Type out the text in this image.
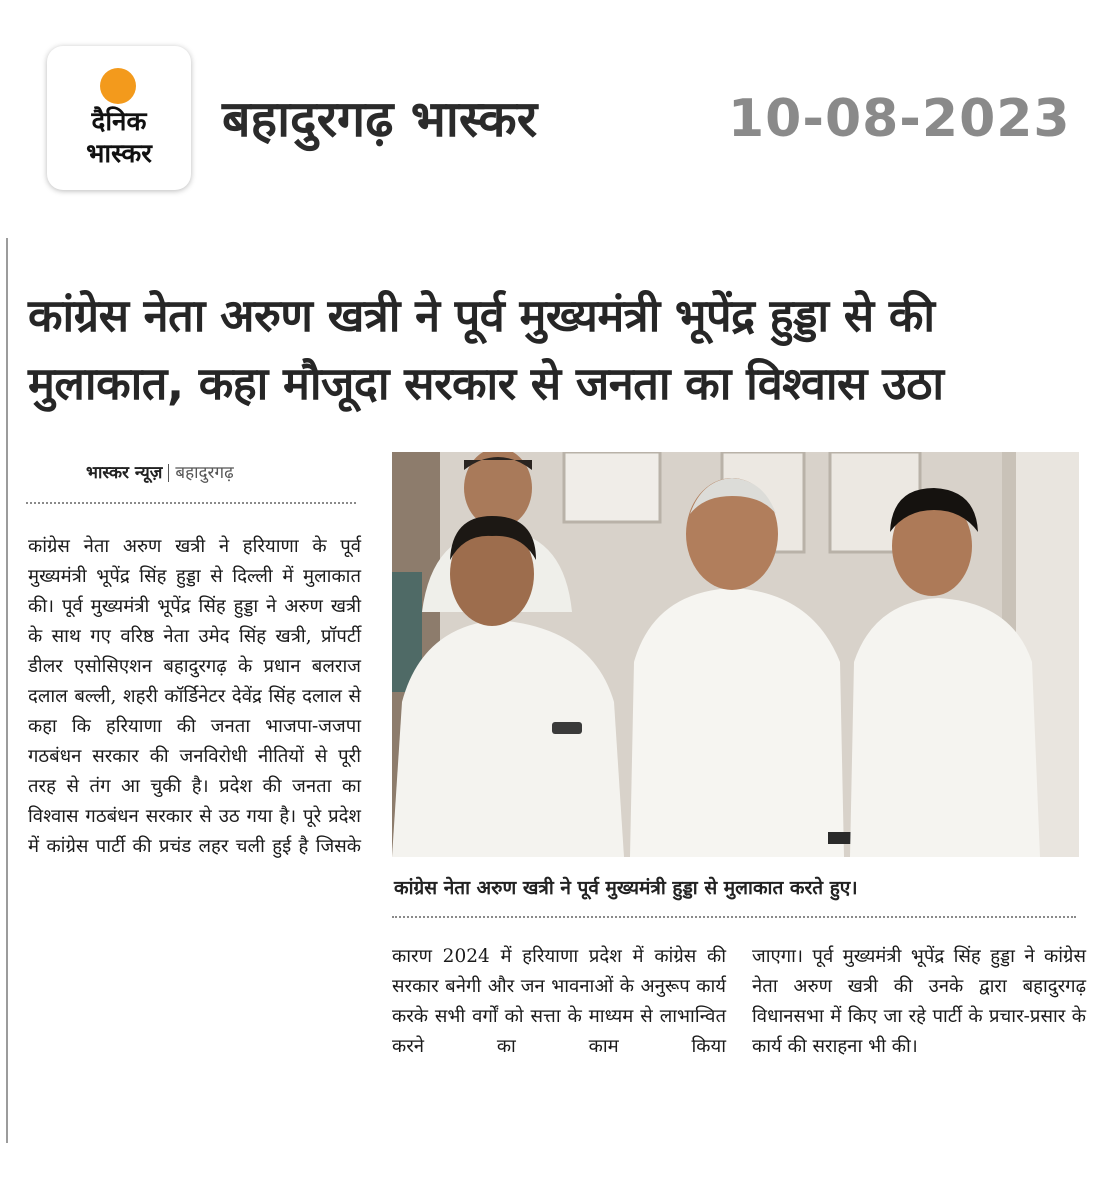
दैनिक
भास्कर
बहादुरगढ़ भास्कर	10-08-2023
कांग्रेस नेता अरुण खत्री ने पूर्व मुख्यमंत्री भूपेंद्र हुड्डा से की
मुलाकात, कहा मौजूदा सरकार से जनता का विश्वास उठा
भास्कर न्यूज़ बहादुरगढ़

कांग्रेस नेता अरुण खत्री ने हरियाणा के पूर्व मुख्यमंत्री भूपेंद्र सिंह हुड्डा से दिल्ली में मुलाकात की। पूर्व मुख्यमंत्री भूपेंद्र सिंह हुड्डा ने अरुण खत्री के साथ गए वरिष्ठ नेता उमेद सिंह खत्री, प्रॉपर्टी डीलर एसोसिएशन बहादुरगढ़ के प्रधान बलराज दलाल बल्ली, शहरी कॉर्डिनेटर देवेंद्र सिंह दलाल से कहा कि हरियाणा की जनता भाजपा-जजपा गठबंधन सरकार की जनविरोधी नीतियों से पूरी तरह से तंग आ चुकी है। प्रदेश की जनता का विश्वास गठबंधन सरकार से उठ गया है। पूरे प्रदेश में कांग्रेस पार्टी की प्रचंड लहर चली हुई है जिसके

कांग्रेस नेता अरुण खत्री ने पूर्व मुख्यमंत्री हुड्डा से मुलाकात करते हुए।

कारण 2024 में हरियाणा प्रदेश में कांग्रेस की सरकार बनेगी और जन भावनाओं के अनुरूप कार्य करके सभी वर्गों को सत्ता के माध्यम से लाभान्वित करने का काम किया

जाएगा। पूर्व मुख्यमंत्री भूपेंद्र सिंह हुड्डा ने कांग्रेस नेता अरुण खत्री की उनके द्वारा बहादुरगढ़ विधानसभा में किए जा रहे पार्टी के प्रचार-प्रसार के कार्य की सराहना भी की।
